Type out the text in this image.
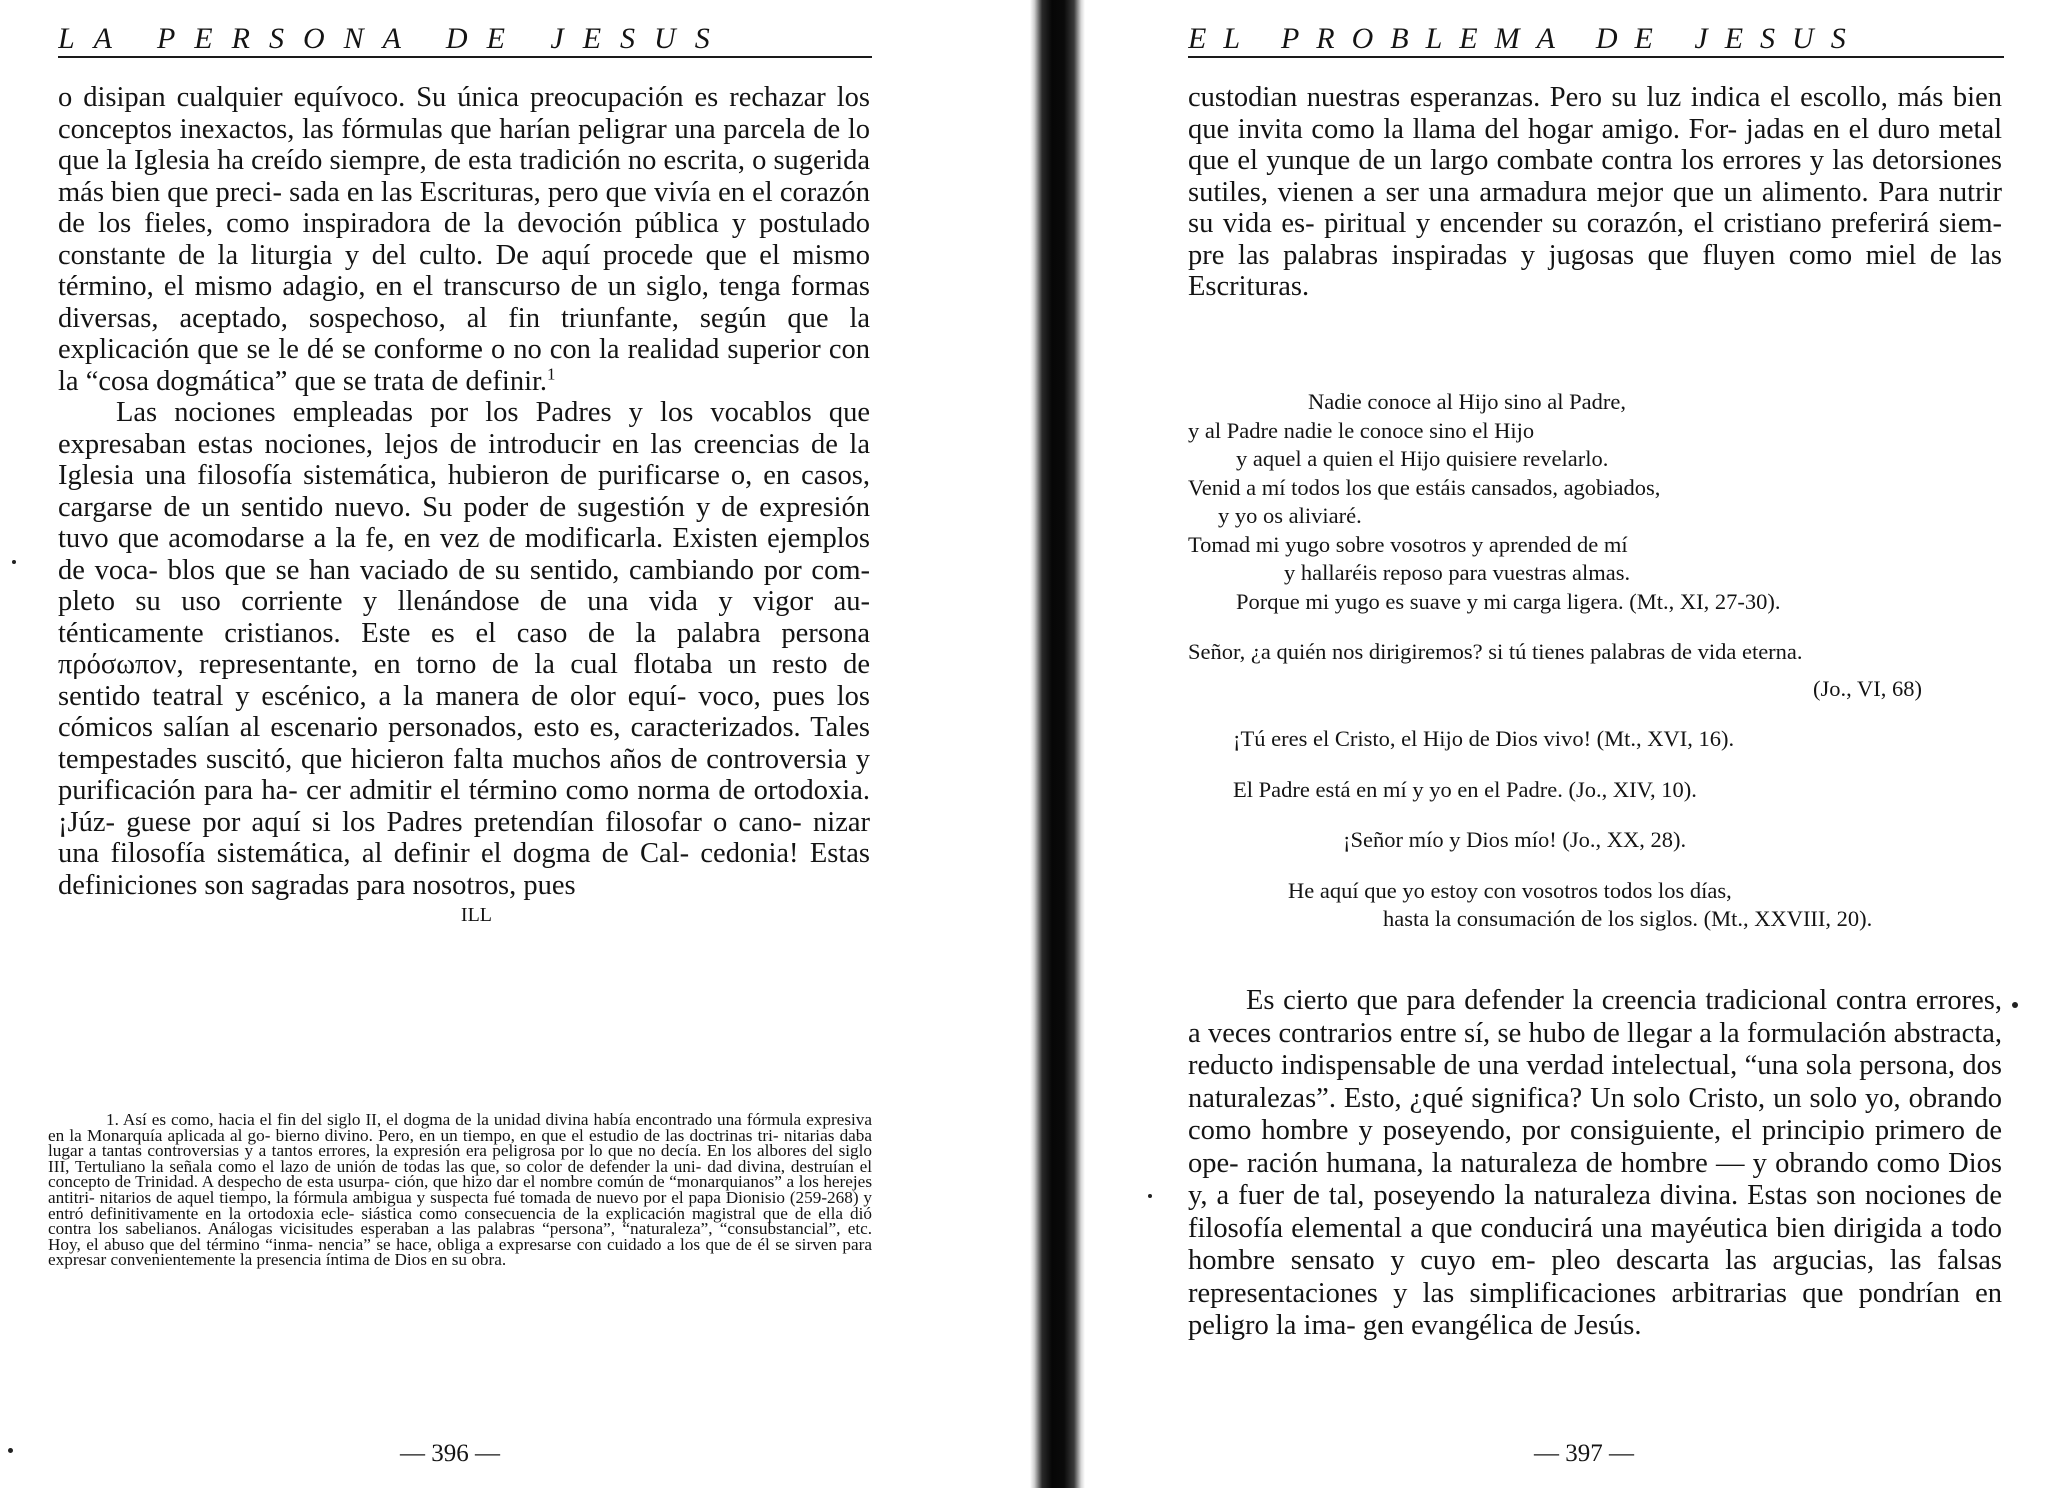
LA PERSONA DE JESUS

o disipan cualquier equívoco. Su única preocupación es rechazar los conceptos inexactos, las fórmulas que harían peligrar una parcela de lo que la Iglesia ha creído siempre, de esta tradición no escrita, o sugerida más bien que preci- sada en las Escrituras, pero que vivía en el corazón de los fieles, como inspiradora de la devoción pública y postulado constante de la liturgia y del culto. De aquí procede que el mismo término, el mismo adagio, en el transcurso de un siglo, tenga formas diversas, aceptado, sospechoso, al fin triunfante, según que la explicación que se le dé se conforme o no con la realidad superior con la “cosa dogmática” que se trata de definir.$^1$

Las nociones empleadas por los Padres y los vocablos que expresaban estas nociones, lejos de introducir en las creencias de la Iglesia una filosofía sistemática, hubieron de purificarse o, en casos, cargarse de un sentido nuevo. Su poder de sugestión y de expresión tuvo que acomodarse a la fe, en vez de modificarla. Existen ejemplos de voca- blos que se han vaciado de su sentido, cambiando por com- pleto su uso corriente y llenándose de una vida y vigor au- ténticamente cristianos. Este es el caso de la palabra persona πρόσωπον, representante, en torno de la cual flotaba un resto de sentido teatral y escénico, a la manera de olor equí- voco, pues los cómicos salían al escenario personados, esto es, caracterizados. Tales tempestades suscitó, que hicieron falta muchos años de controversia y purificación para ha- cer admitir el término como norma de ortodoxia. ¡Júz- guese por aquí si los Padres pretendían filosofar o cano- nizar una filosofía sistemática, al definir el dogma de Cal- cedonia! Estas definiciones son sagradas para nosotros, pues

ILL

1. Así es como, hacia el fin del siglo II, el dogma de la unidad divina había encontrado una fórmula expresiva en la Monarquía aplicada al go- bierno divino. Pero, en un tiempo, en que el estudio de las doctrinas tri- nitarias daba lugar a tantas controversias y a tantos errores, la expresión era peligrosa por lo que no decía. En los albores del siglo III, Tertuliano la señala como el lazo de unión de todas las que, so color de defender la uni- dad divina, destruían el concepto de Trinidad. A despecho de esta usurpa- ción, que hizo dar el nombre común de “monarquianos” a los herejes antitri- nitarios de aquel tiempo, la fórmula ambigua y suspecta fué tomada de nuevo por el papa Dionisio (259-268) y entró definitivamente en la ortodoxia ecle- siástica como consecuencia de la explicación magistral que de ella dió contra los sabelianos. Análogas vicisitudes esperaban a las palabras “persona”, “naturaleza”, “consubstancial”, etc. Hoy, el abuso que del término “inma- nencia” se hace, obliga a expresarse con cuidado a los que de él se sirven para expresar convenientemente la presencia íntima de Dios en su obra.

— 396 —
EL PROBLEMA DE JESUS

custodian nuestras esperanzas. Pero su luz indica el escollo, más bien que invita como la llama del hogar amigo. For- jadas en el duro metal que el yunque de un largo combate contra los errores y las detorsiones sutiles, vienen a ser una armadura mejor que un alimento. Para nutrir su vida es- piritual y encender su corazón, el cristiano preferirá siem- pre las palabras inspiradas y jugosas que fluyen como miel de las Escrituras.

Nadie conoce al Hijo sino al Padre,
y al Padre nadie le conoce sino el Hijo
y aquel a quien el Hijo quisiere revelarlo.
Venid a mí todos los que estáis cansados, agobiados,
y yo os aliviaré.
Tomad mi yugo sobre vosotros y aprended de mí
y hallaréis reposo para vuestras almas.
Porque mi yugo es suave y mi carga ligera. (Mt., XI, 27-30).
Señor, ¿a quién nos dirigiremos? si tú tienes palabras de vida eterna.
(Jo., VI, 68)
¡Tú eres el Cristo, el Hijo de Dios vivo! (Mt., XVI, 16).
El Padre está en mí y yo en el Padre. (Jo., XIV, 10).
¡Señor mío y Dios mío! (Jo., XX, 28).
He aquí que yo estoy con vosotros todos los días,
hasta la consumación de los siglos. (Mt., XXVIII, 20).

Es cierto que para defender la creencia tradicional contra errores, a veces contrarios entre sí, se hubo de llegar a la formulación abstracta, reducto indispensable de una verdad intelectual, “una sola persona, dos naturalezas”. Esto, ¿qué significa? Un solo Cristo, un solo yo, obrando como hombre y poseyendo, por consiguiente, el principio primero de ope- ración humana, la naturaleza de hombre — y obrando como Dios y, a fuer de tal, poseyendo la naturaleza divina. Estas son nociones de filosofía elemental a que conducirá una mayéutica bien dirigida a todo hombre sensato y cuyo em- pleo descarta las argucias, las falsas representaciones y las simplificaciones arbitrarias que pondrían en peligro la ima- gen evangélica de Jesús.

— 397 —
